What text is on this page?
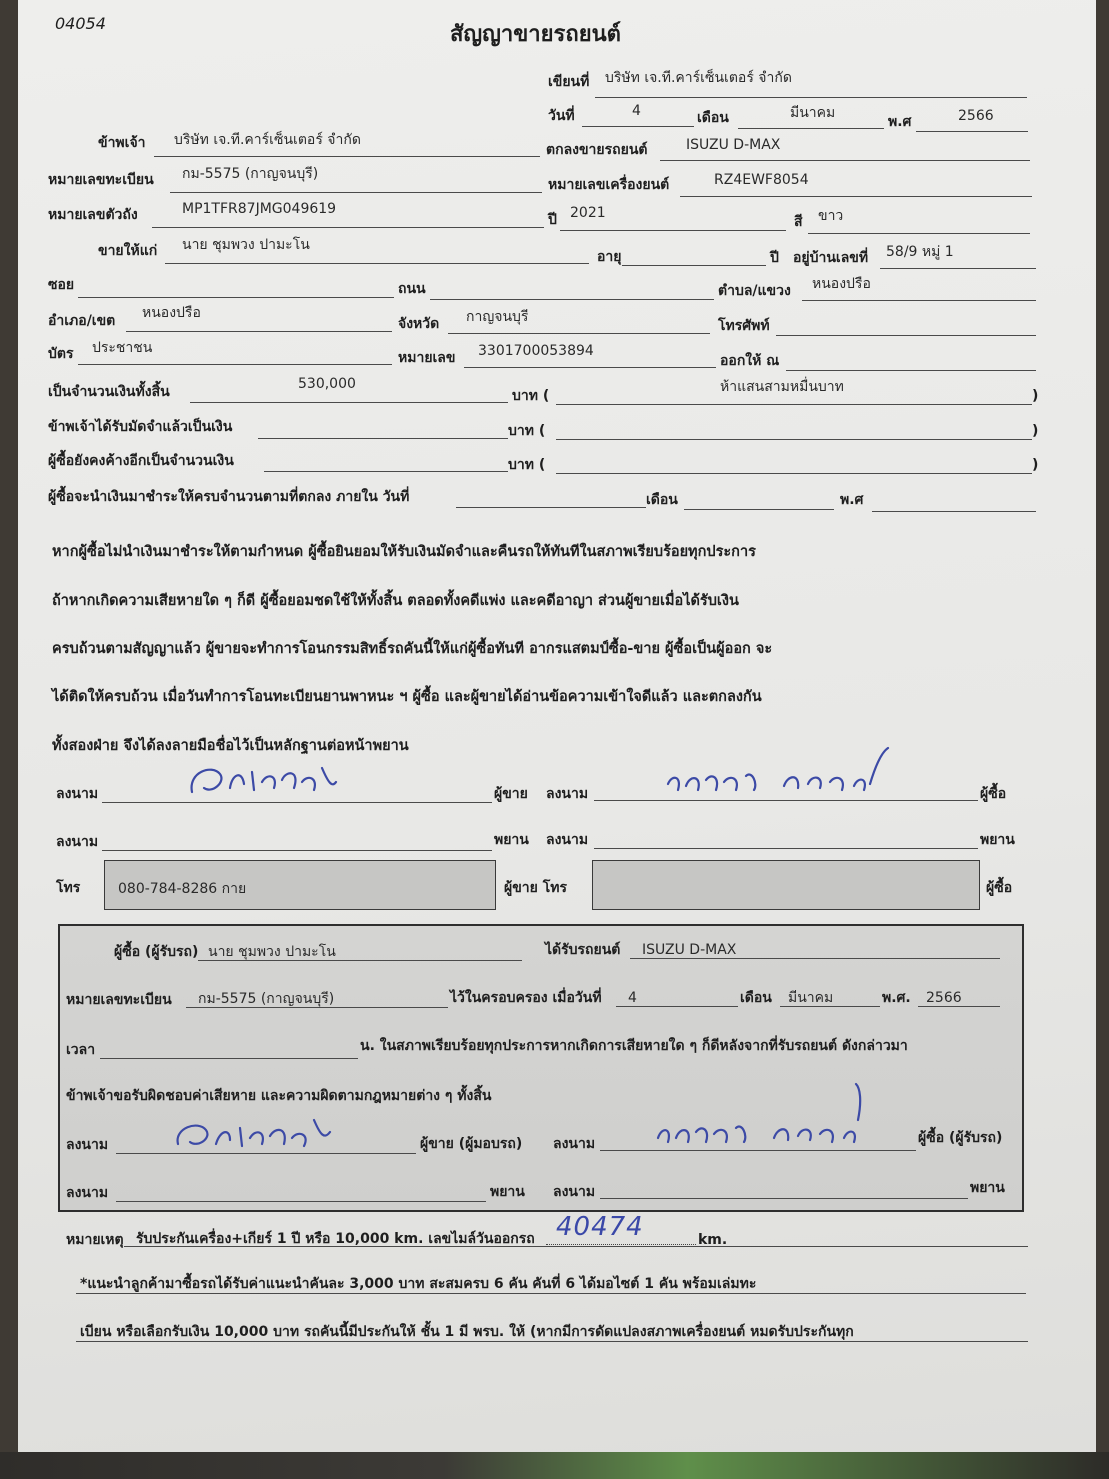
04054	สัญญาขายรถยนต์
เขียนที่ บริษัท เจ.ที.คาร์เซ็นเตอร์ จำกัด
วันที่	4	เดือน	มีนาคม
พ.ศ	2566
ข้าพเจ้า บริษัท เจ.ที.คาร์เซ็นเตอร์ จำกัด
ตกลงขายรถยนต์	ISUZU D-MAX
หมายเลขทะเบียน กม-5575 (กาญจนบุรี)
หมายเลขเครื่องยนต์	RZ4EWF8054
หมายเลขตัวถัง	MP1TFR87JMG049619
ปี 2021
สี ขาว
ขายให้แก่ นาย ชุมพวง ปามะโน
อายุ	ปี อยู่บ้านเลขที่ 58/9 หมู่ 1
ซอย	ถนน	ตำบล/แขวง หนองปรือ
อำเภอ/เขต หนองปรือ
จังหวัด กาญจนบุรี
โทรศัพท์
บัตร ประชาชน
หมายเลข 3301700053894
ออกให้ ณ
เป็นจำนวนเงินทั้งสิ้น	530,000
บาท (
ห้าแสนสามหมื่นบาท
)
ข้าพเจ้าได้รับมัดจำแล้วเป็นเงิน	บาท (	)
ผู้ซื้อยังคงค้างอีกเป็นจำนวนเงิน	บาท (	)
ผู้ซื้อจะนำเงินมาชำระให้ครบจำนวนตามที่ตกลง ภายใน วันที่	เดือน	พ.ศ
หากผู้ซื้อไม่นำเงินมาชำระให้ตามกำหนด ผู้ซื้อยินยอมให้รับเงินมัดจำและคืนรถให้ทันทีในสภาพเรียบร้อยทุกประการ
ถ้าหากเกิดความเสียหายใด ๆ ก็ดี ผู้ซื้อยอมชดใช้ให้ทั้งสิ้น ตลอดทั้งคดีแพ่ง และคดีอาญา ส่วนผู้ขายเมื่อได้รับเงิน
ครบถ้วนตามสัญญาแล้ว ผู้ขายจะทำการโอนกรรมสิทธิ์รถคันนี้ให้แก่ผู้ซื้อทันที อากรแสตมป์ซื้อ-ขาย ผู้ซื้อเป็นผู้ออก จะ
ได้ติดให้ครบถ้วน เมื่อวันทำการโอนทะเบียนยานพาหนะ ฯ ผู้ซื้อ และผู้ขายได้อ่านข้อความเข้าใจดีแล้ว และตกลงกัน
ทั้งสองฝ่าย จึงได้ลงลายมือชื่อไว้เป็นหลักฐานต่อหน้าพยาน
ลงนาม	ผู้ขาย ลงนาม	ผู้ซื้อ
ลงนาม	พยาน ลงนาม	พยาน
โทร	080-784-8286 กาย	ผู้ขาย โทร	ผู้ซื้อ
ผู้ซื้อ (ผู้รับรถ) นาย ชุมพวง ปามะโน	ได้รับรถยนต์ ISUZU D-MAX
หมายเลขทะเบียน กม-5575 (กาญจนบุรี)	ไว้ในครอบครอง เมื่อวันที่ 4	เดือน มีนาคม	พ.ศ. 2566
เวลา	น. ในสภาพเรียบร้อยทุกประการหากเกิดการเสียหายใด ๆ ก็ดีหลังจากที่รับรถยนต์ ดังกล่าวมา
ข้าพเจ้าขอรับผิดชอบค่าเสียหาย และความผิดตามกฎหมายต่าง ๆ ทั้งสิ้น
ลงนาม	ผู้ขาย (ผู้มอบรถ) ลงนาม	ผู้ซื้อ (ผู้รับรถ)
ลงนาม	พยาน ลงนาม	พยาน
หมายเหตุ รับประกันเครื่อง+เกียร์ 1 ปี หรือ 10,000 km. เลขไมล์วันออกรถ 40474	km.
*แนะนำลูกค้ามาซื้อรถได้รับค่าแนะนำคันละ 3,000 บาท สะสมครบ 6 คัน คันที่ 6 ได้มอไซต์ 1 คัน พร้อมเล่มทะ
เบียน หรือเลือกรับเงิน 10,000 บาท รถคันนี้มีประกันให้ ชั้น 1 มี พรบ. ให้ (หากมีการดัดแปลงสภาพเครื่องยนต์ หมดรับประกันทุก
